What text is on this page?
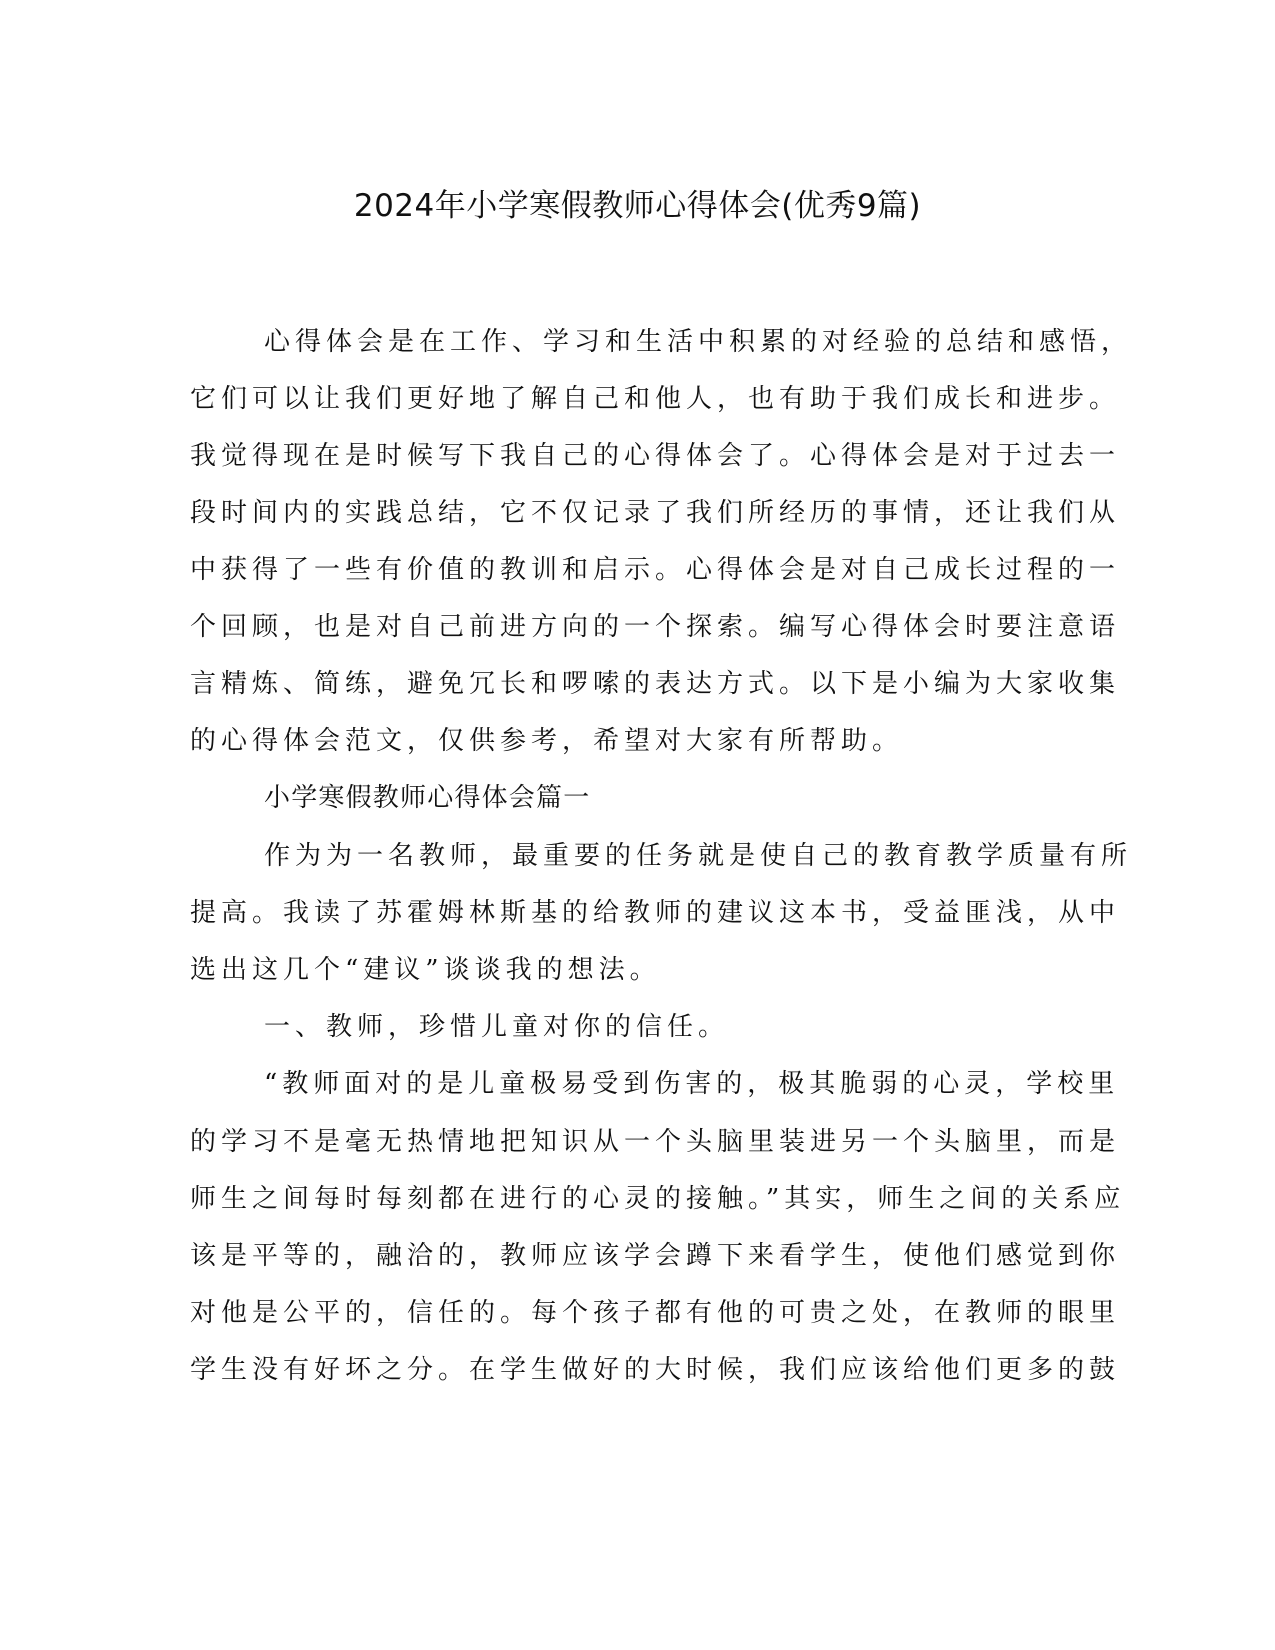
2024年小学寒假教师心得体会(优秀9篇)

心得体会是在工作、学习和生活中积累的对经验的总结和感悟，

它们可以让我们更好地了解自己和他人，也有助于我们成长和进步。

我觉得现在是时候写下我自己的心得体会了。心得体会是对于过去一

段时间内的实践总结，它不仅记录了我们所经历的事情，还让我们从

中获得了一些有价值的教训和启示。心得体会是对自己成长过程的一

个回顾，也是对自己前进方向的一个探索。编写心得体会时要注意语

言精炼、简练，避免冗长和啰嗦的表达方式。以下是小编为大家收集

的心得体会范文，仅供参考，希望对大家有所帮助。

小学寒假教师心得体会篇一

作为为一名教师，最重要的任务就是使自己的教育教学质量有所

提高。我读了苏霍姆林斯基的给教师的建议这本书，受益匪浅，从中

选出这几个“建议”谈谈我的想法。

一、教师，珍惜儿童对你的信任。

“教师面对的是儿童极易受到伤害的，极其脆弱的心灵，学校里

的学习不是毫无热情地把知识从一个头脑里装进另一个头脑里，而是

师生之间每时每刻都在进行的心灵的接触。”其实，师生之间的关系应

该是平等的，融洽的，教师应该学会蹲下来看学生，使他们感觉到你

对他是公平的，信任的。每个孩子都有他的可贵之处，在教师的眼里

学生没有好坏之分。在学生做好的大时候，我们应该给他们更多的鼓
